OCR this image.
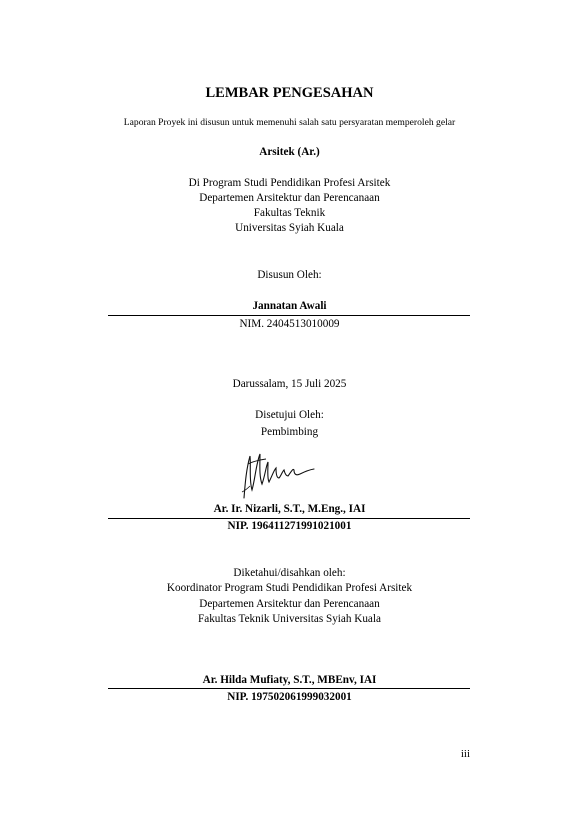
LEMBAR PENGESAHAN
Laporan Proyek ini disusun untuk memenuhi salah satu persyaratan memperoleh gelar
Arsitek (Ar.)
Di Program Studi Pendidikan Profesi Arsitek
Departemen Arsitektur dan Perencanaan
Fakultas Teknik
Universitas Syiah Kuala
Disusun Oleh:
Jannatan Awali
NIM. 2404513010009
Darussalam, 15 Juli 2025
Disetujui Oleh:
Pembimbing
Ar. Ir. Nizarli, S.T., M.Eng., IAI
NIP. 196411271991021001
Diketahui/disahkan oleh:
Koordinator Program Studi Pendidikan Profesi Arsitek
Departemen Arsitektur dan Perencanaan
Fakultas Teknik Universitas Syiah Kuala
Ar. Hilda Mufiaty, S.T., MBEnv, IAI
NIP. 197502061999032001
iii
